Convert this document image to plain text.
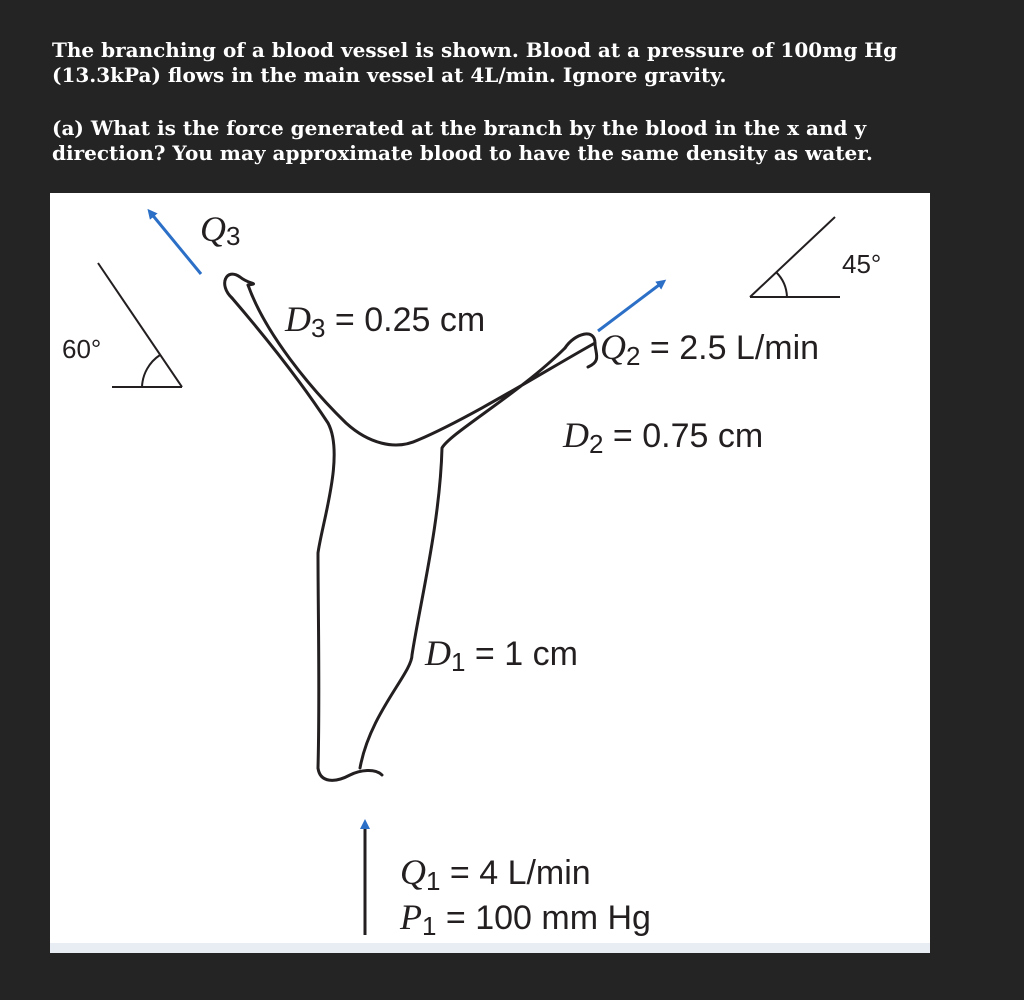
The branching of a blood vessel is shown. Blood at a pressure of 100mg Hg (13.3kPa) flows in the main vessel at 4L/min. Ignore gravity.

(a) What is the force generated at the branch by the blood in the x and y direction? You may approximate blood to have the same density as water.

60°
45°
Q3
D3 = 0.25 cm
Q2 = 2.5 L/min
D2 = 0.75 cm
D1 = 1 cm
Q1 = 4 L/min
P1 = 100 mm Hg
